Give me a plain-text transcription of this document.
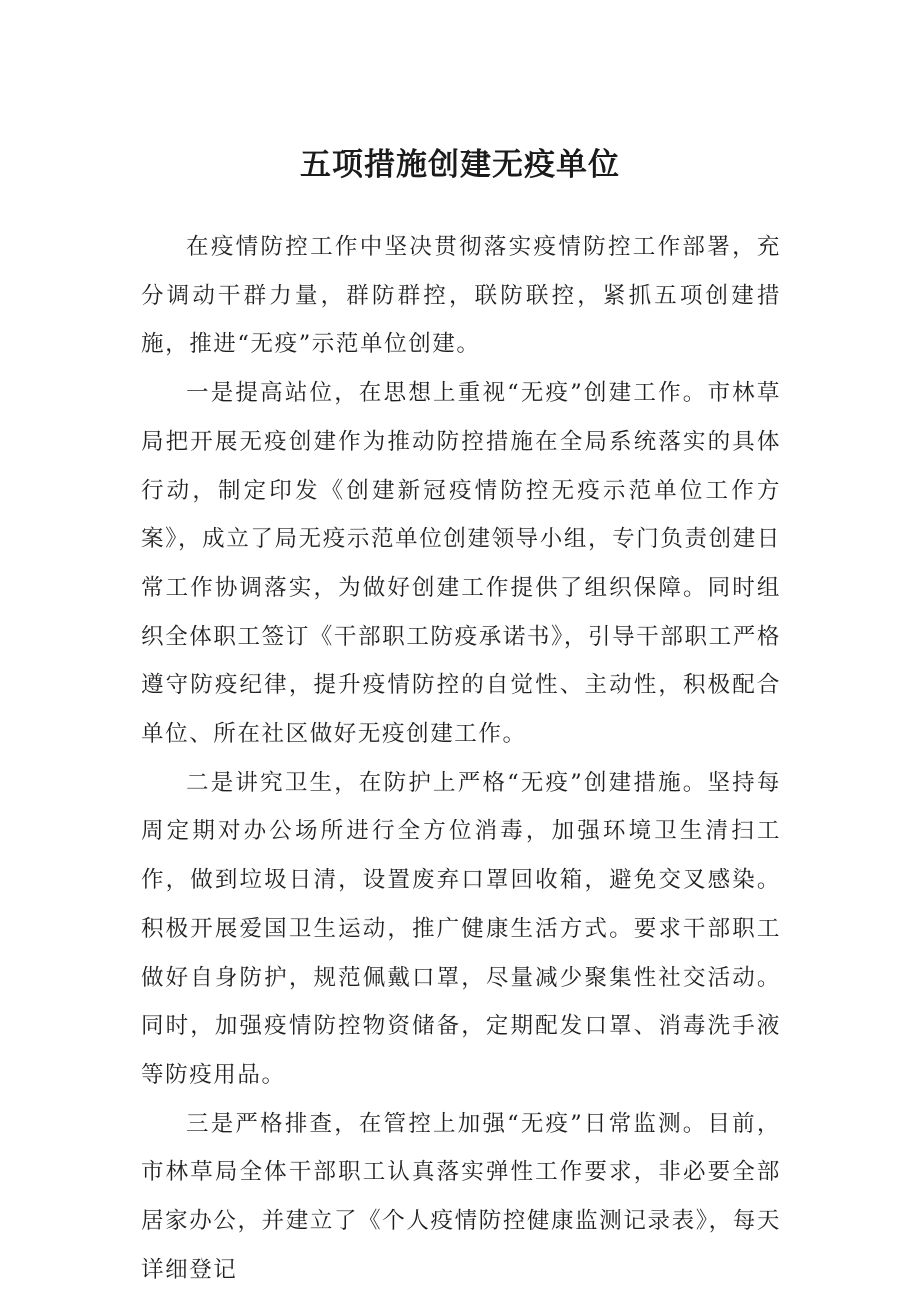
五项措施创建无疫单位

在疫情防控工作中坚决贯彻落实疫情防控工作部署，充分调动干群力量，群防群控，联防联控，紧抓五项创建措施，推进“无疫”示范单位创建。

一是提高站位，在思想上重视“无疫”创建工作。市林草局把开展无疫创建作为推动防控措施在全局系统落实的具体行动，制定印发《创建新冠疫情防控无疫示范单位工作方案》，成立了局无疫示范单位创建领导小组，专门负责创建日常工作协调落实，为做好创建工作提供了组织保障。同时组织全体职工签订《干部职工防疫承诺书》，引导干部职工严格遵守防疫纪律，提升疫情防控的自觉性、主动性，积极配合单位、所在社区做好无疫创建工作。

二是讲究卫生，在防护上严格“无疫”创建措施。坚持每周定期对办公场所进行全方位消毒，加强环境卫生清扫工作，做到垃圾日清，设置废弃口罩回收箱，避免交叉感染。积极开展爱国卫生运动，推广健康生活方式。要求干部职工做好自身防护，规范佩戴口罩，尽量减少聚集性社交活动。同时，加强疫情防控物资储备，定期配发口罩、消毒洗手液等防疫用品。

三是严格排查，在管控上加强“无疫”日常监测。目前，市林草局全体干部职工认真落实弹性工作要求，非必要全部居家办公，并建立了《个人疫情防控健康监测记录表》，每天详细登记
